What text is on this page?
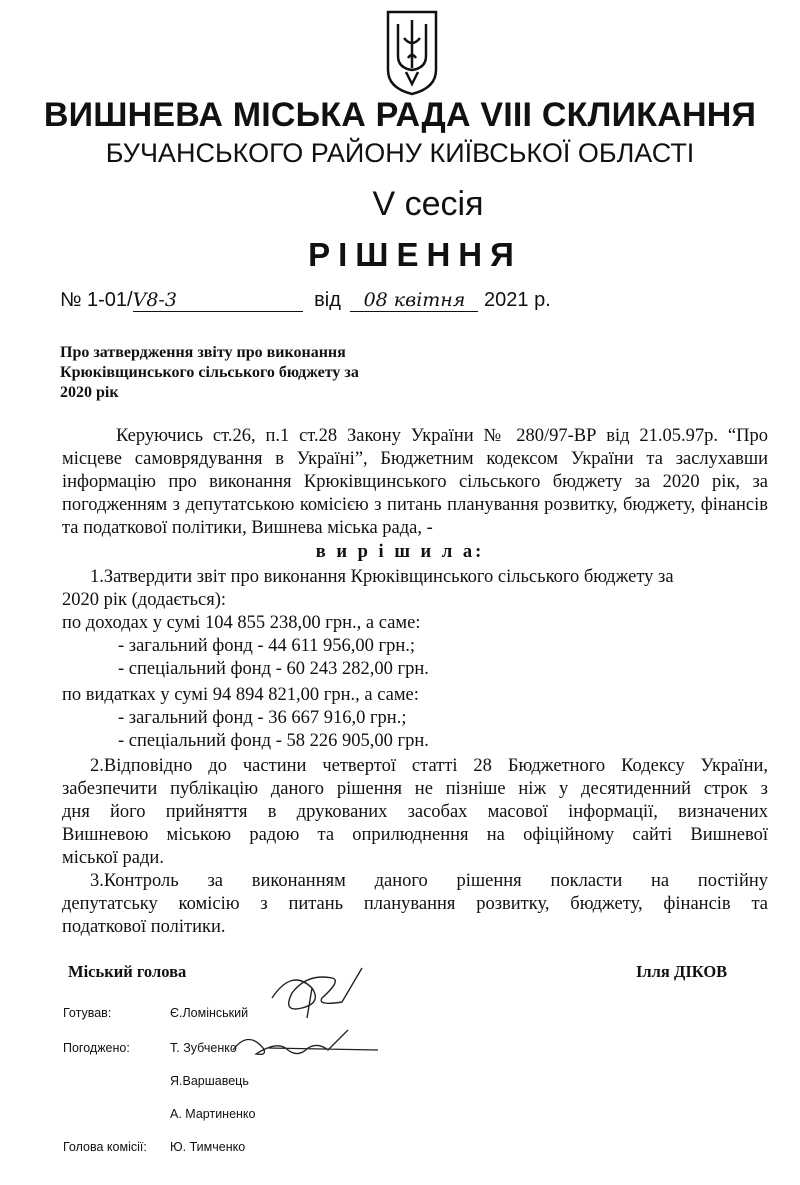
ВИШНЕВА МІСЬКА РАДА VIII СКЛИКАННЯ
БУЧАНСЬКОГО РАЙОНУ КИЇВСЬКОЇ ОБЛАСТІ
V сесія
РІШЕННЯ
№ 1-01/V8-3	від 08 квітня 2021 р.
Про затвердження звіту про виконання
Крюківщинського сільського бюджету за
2020 рік
Керуючись ст.26, п.1 ст.28 Закону України № 280/97-ВР від 21.05.97р. “Про місцеве самоврядування в Україні”, Бюджетним кодексом України та заслухавши інформацію про виконання Крюківщинського сільського бюджету за 2020 рік, за погодженням з депутатською комісією з питань планування розвитку, бюджету, фінансів та податкової політики, Вишнева міська рада, -
в и р і ш и л а:
1.Затвердити звіт про виконання Крюківщинського сільського бюджету за
2020 рік (додається):
по доходах у сумі 104 855 238,00 грн., а саме:
- загальний фонд - 44 611 956,00 грн.;
- спеціальний фонд - 60 243 282,00 грн.
по видатках у сумі 94 894 821,00 грн., а саме:
- загальний фонд - 36 667 916,0 грн.;
- спеціальний фонд - 58 226 905,00 грн.
2.Відповідно до частини четвертої статті 28 Бюджетного Кодексу України,
забезпечити публікацію даного рішення не пізніше ніж у десятиденний строк з
дня його прийняття в друкованих засобах масової інформації, визначених
Вишневою міською радою та оприлюднення на офіційному сайті Вишневої
міської ради.
3.Контроль за виконанням даного рішення покласти на постійну
депутатську комісію з питань планування розвитку, бюджету, фінансів та
податкової політики.
Міський голова	Ілля ДІКОВ
Готував:	Є.Ломінський
Погоджено:	Т. Зубченко
Я.Варшавець
А. Мартиненко
Голова комісії: Ю. Тимченко
